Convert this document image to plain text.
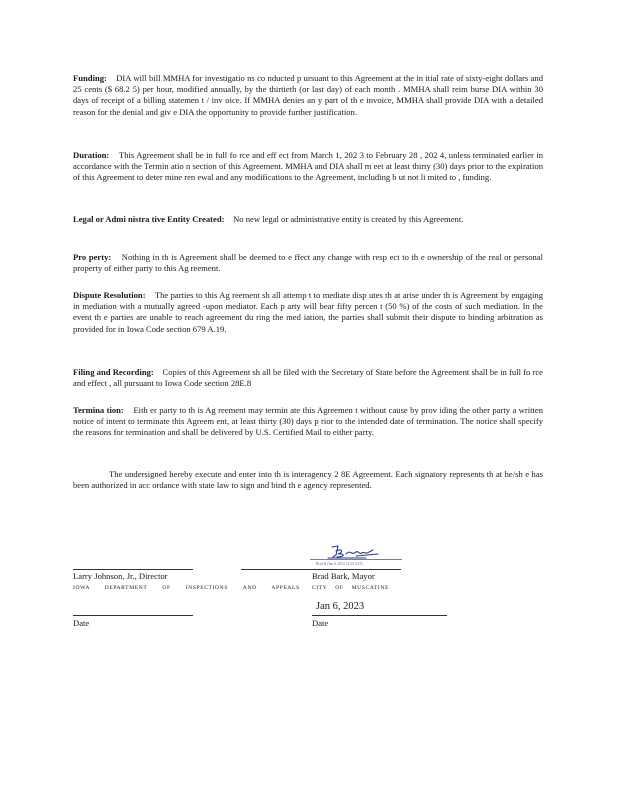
Funding: DIA will bill MMHA for investigatio ns co nducted p ursuant to this Agreement at the in itial rate of sixty-eight dollars and 25 cents ($ 68.2 5) per hour, modified annually, by the thirtieth (or last day) of each month . MMHA shall reim burse DIA within 30 days of receipt of a billing statemen t / inv oice. If MMHA denies an y part of th e invoice, MMHA shall provide DIA with a detailed reason for the denial and giv e DIA the opportunity to provide further justification.

Duration: This Agreement shall be in full fo rce and eff ect from March 1, 202 3 to February 28 , 202 4, unless terminated earlier in accordance with the Termin atio n section of this Agreement. MMHA and DIA shall m eet at least thirty (30) days prior to the expiration of this Agreement to deter mine ren ewal and any modifications to the Agreement, including b ut not li mited to , funding.

Legal or Admi nistra tive Entity Created: No new legal or administrative entity is created by this Agreement.

Pro perty: Nothing in th is Agreement shall be deemed to e ffect any change with resp ect to th e ownership of the real or personal property of either party to this Ag reement.

Dispute Resolution: The parties to this Ag reement sh all attemp t to mediate disp utes th at arise under th is Agreement by engaging in mediation with a mutually agreed -upon mediator. Each p arty will bear fifty percen t (50 %) of the costs of such mediation. In the event th e parties are unable to reach agreement du ring the med iation, the parties shall submit their dispute to binding arbitration as provided for in Iowa Code section 679 A.19.

Filing and Recording: Copies of this Agreement sh all be filed with the Secretary of State before the Agreement shall be in full fo rce and effect , all pursuant to Iowa Code section 28E.8

Termina tion: Eith er party to th is Ag reement may termin ate this Agreemen t without cause by prov iding the other party a written notice of intent to terminate this Agreem ent, at least thirty (30) days p rior to the intended date of termination. The notice shall specify the reasons for termination and shall be delivered by U.S. Certified Mail to either party.

The undersigned hereby execute and enter into th is interagency 2 8E Agreement. Each signatory represents th at he/sh e has been authorized in acc ordance with state law to sign and bind th e agency represented.

Brad B (Jan 6, 2023 14:39 CST)
Larry Johnson, Jr., Director	Brad Bark, Mayor
IOWA DEPARTMENT OF INSPECTIONS AND APPEALS CITY OF MUSCATINE
Jan 6, 2023
Date	Date
